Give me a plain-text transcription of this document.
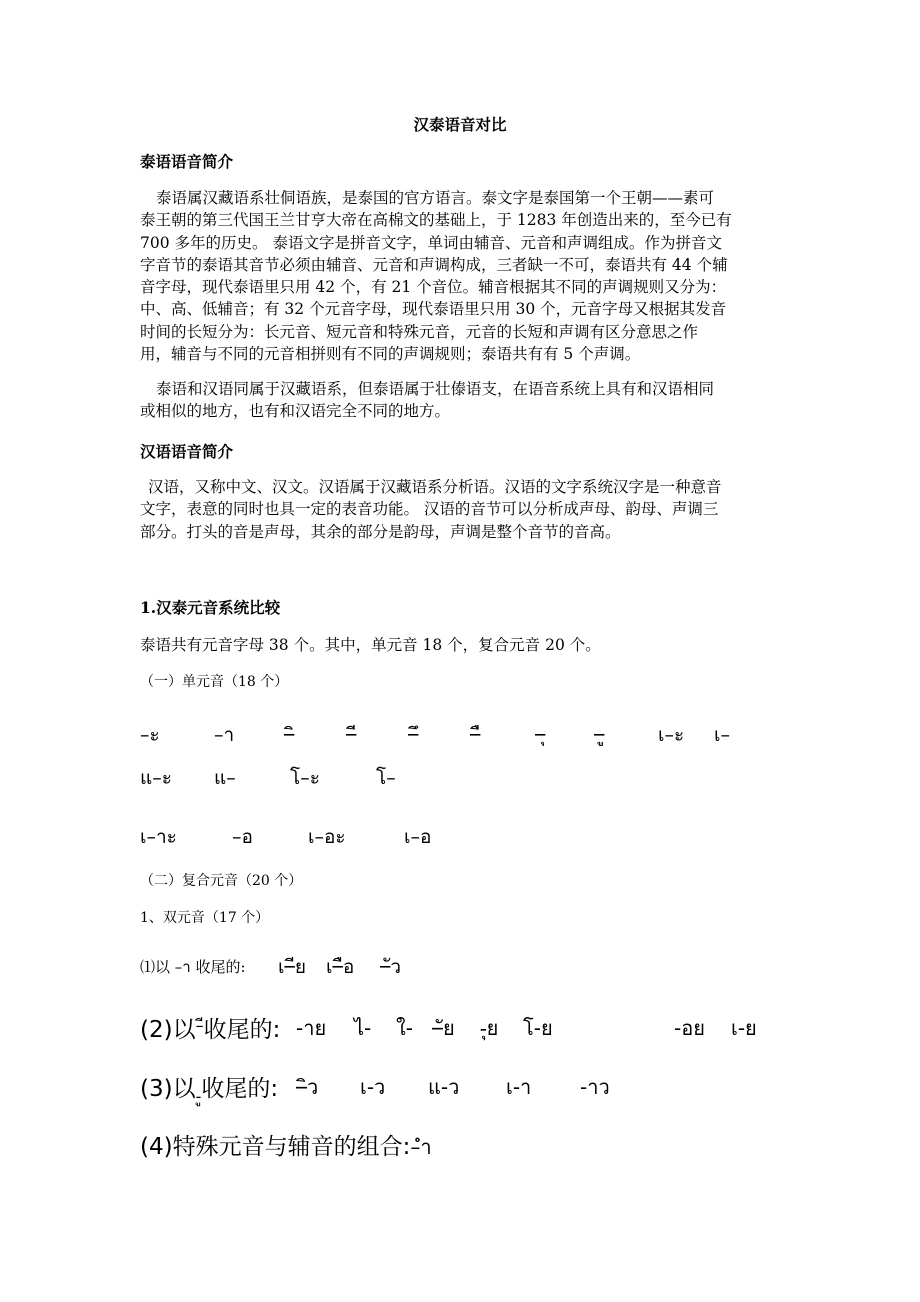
汉泰语音对比
泰语语音简介
泰语属汉藏语系壮侗语族，是泰国的官方语言。泰文字是泰国第一个王朝——素可
泰王朝的第三代国王兰甘亨大帝在高棉文的基础上，于 1283 年创造出来的，至今已有
700 多年的历史。 泰语文字是拼音文字，单词由辅音、元音和声调组成。作为拼音文
字音节的泰语其音节必须由辅音、元音和声调构成，三者缺一不可，泰语共有 44 个辅
音字母，现代泰语里只用 42 个，有 21 个音位。辅音根据其不同的声调规则又分为：
中、高、低辅音；有 32 个元音字母，现代泰语里只用 30 个，元音字母又根据其发音
时间的长短分为：长元音、短元音和特殊元音，元音的长短和声调有区分意思之作
用，辅音与不同的元音相拼则有不同的声调规则；泰语共有有 5 个声调。
泰语和汉语同属于汉藏语系，但泰语属于壮傣语支，在语音系统上具有和汉语相同
或相似的地方，也有和汉语完全不同的地方。
汉语语音简介
汉语，又称中文、汉文。汉语属于汉藏语系分析语。汉语的文字系统汉字是一种意音
文字，表意的同时也具一定的表音功能。 汉语的音节可以分析成声母、韵母、声调三
部分。打头的音是声母，其余的部分是韵母，声调是整个音节的音高。
1.汉泰元音系统比较
泰语共有元音字母 38 个。其中，单元音 18 个，复合元音 20 个。
（一）单元音（18 个）
–ะ	–า	–ิ	–ี	–ึ	–ื	–ุ	–ู	เ–ะ เ–
แ–ะ แ–	โ–ะ	โ–
เ–าะ	–อ	เ–อะ	เ–อ
（二）复合元音（20 个）
1、双元音（17 个）
⑴以 –า 收尾的: เ–ีย เ–ือ –ัว
(2)以–ี收尾的: -าย ไ- ใ- –ัย -ุย โ-ย	-อย เ-ย
(3)以$_{-ู}$收尾的: –ิว เ-ว แ-ว เ-า -าว
(4)特殊元音与辅音的组合:–ำ
